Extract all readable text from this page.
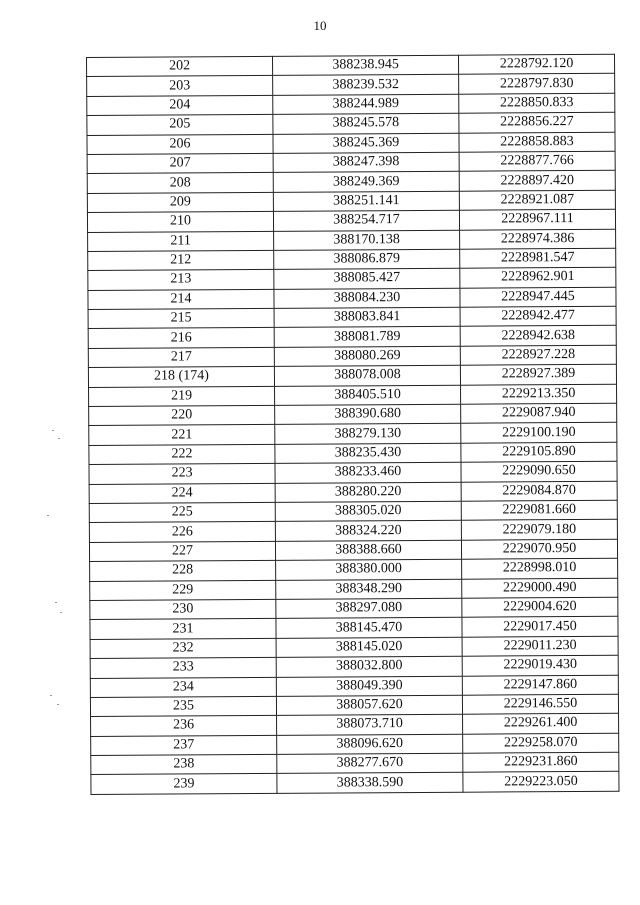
10
202	388238.945	2228792.120
203	388239.532	2228797.830
204	388244.989	2228850.833
205	388245.578	2228856.227
206	388245.369	2228858.883
207	388247.398	2228877.766
208	388249.369	2228897.420
209	388251.141	2228921.087
210	388254.717	2228967.111
211	388170.138	2228974.386
212	388086.879	2228981.547
213	388085.427	2228962.901
214	388084.230	2228947.445
215	388083.841	2228942.477
216	388081.789	2228942.638
217	388080.269	2228927.228
218 (174)	388078.008	2228927.389
219	388405.510	2229213.350
220	388390.680	2229087.940
221	388279.130	2229100.190
222	388235.430	2229105.890
223	388233.460	2229090.650
224	388280.220	2229084.870
225	388305.020	2229081.660
226	388324.220	2229079.180
227	388388.660	2229070.950
228	388380.000	2228998.010
229	388348.290	2229000.490
230	388297.080	2229004.620
231	388145.470	2229017.450
232	388145.020	2229011.230
233	388032.800	2229019.430
234	388049.390	2229147.860
235	388057.620	2229146.550
236	388073.710	2229261.400
237	388096.620	2229258.070
238	388277.670	2229231.860
239	388338.590	2229223.050
